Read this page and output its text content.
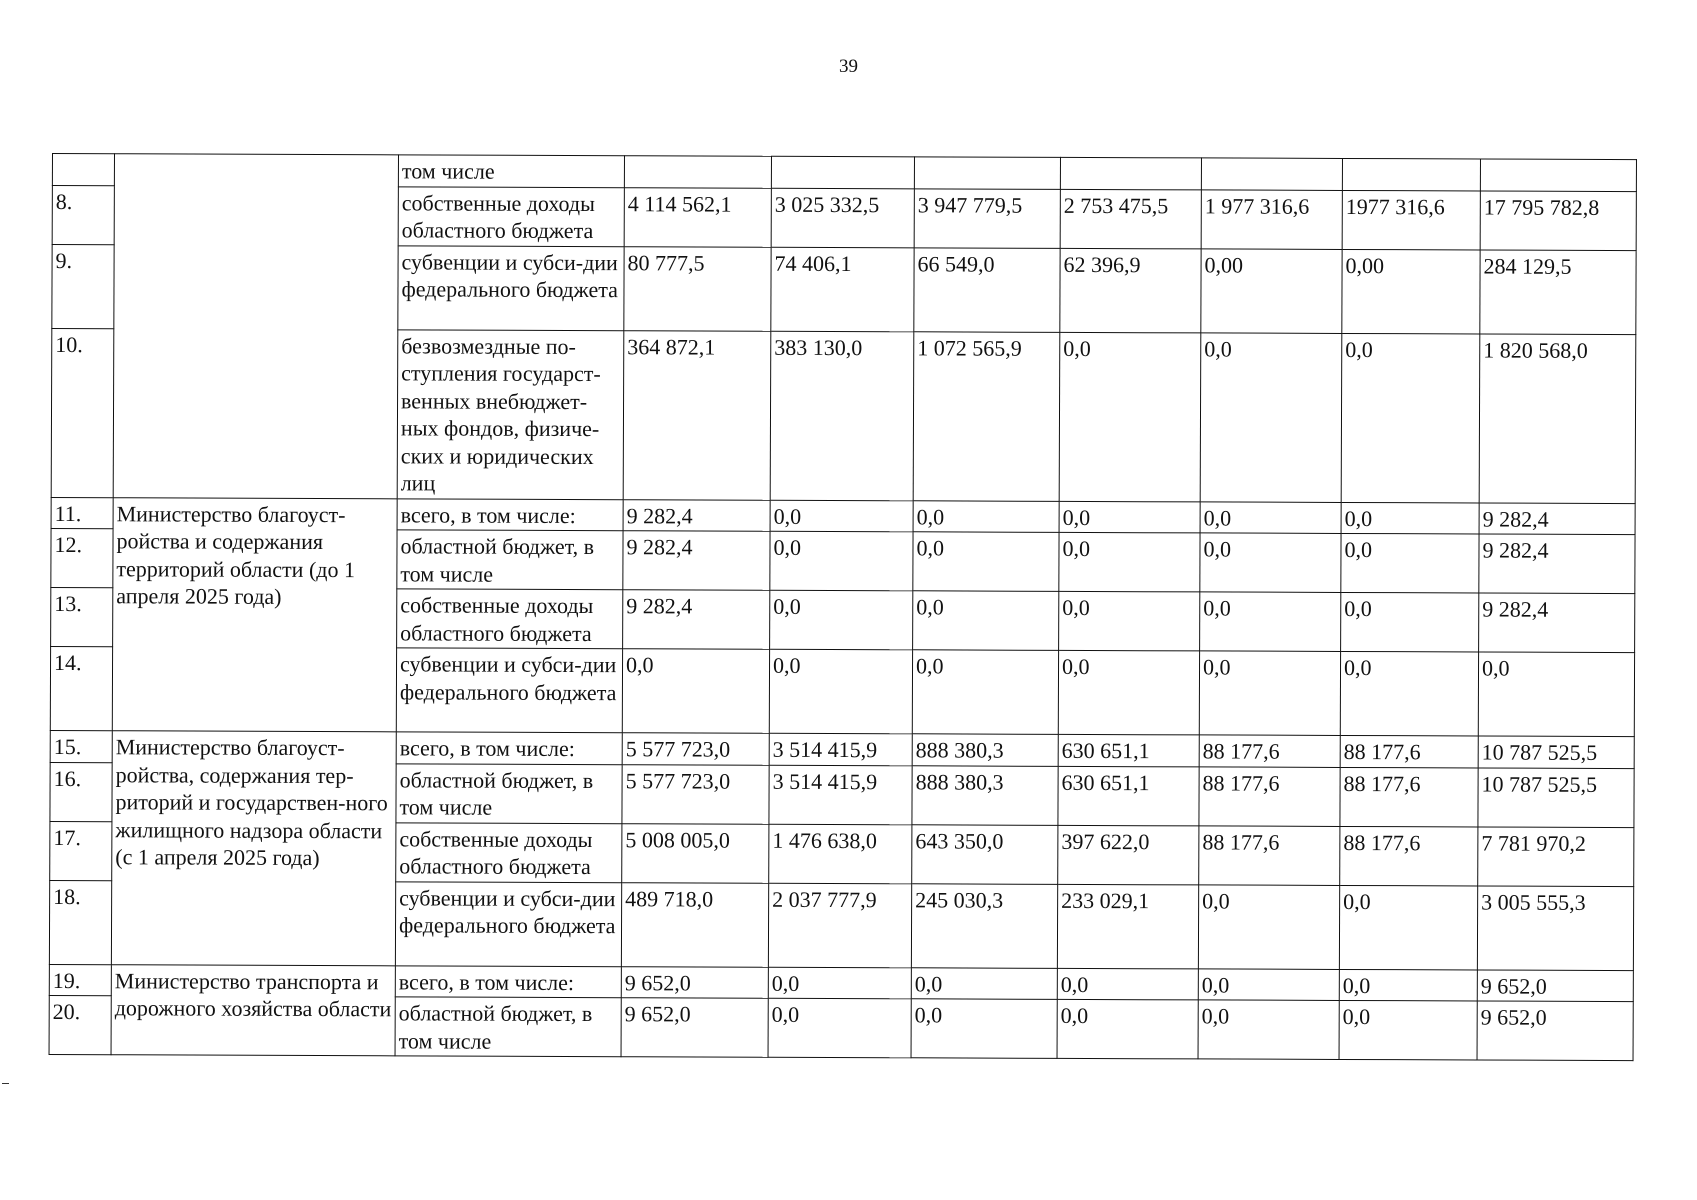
39
		том числе							
8.		собственные доходы областного бюджета	4 114 562,1	3 025 332,5	3 947 779,5	2 753 475,5	1 977 316,6	1977 316,6	17 795 782,8
9.		субвенции и субси-дии федерального бюджета	80 777,5	74 406,1	66 549,0	62 396,9	0,00	0,00	284 129,5
10.		безвозмездные по-ступления государст-венных внебюджет-ных фондов, физиче-ских и юридических лиц	364 872,1	383 130,0	1 072 565,9	0,0	0,0	0,0	1 820 568,0
11.	Министерство благоуст-ройства и содержания территорий области (до 1 апреля 2025 года)	всего, в том числе:	9 282,4	0,0	0,0	0,0	0,0	0,0	9 282,4
12.		областной бюджет, в том числе	9 282,4	0,0	0,0	0,0	0,0	0,0	9 282,4
13.		собственные доходы областного бюджета	9 282,4	0,0	0,0	0,0	0,0	0,0	9 282,4
14.		субвенции и субси-дии федерального бюджета	0,0	0,0	0,0	0,0	0,0	0,0	0,0
15.	Министерство благоуст-ройства, содержания тер-риторий и государствен-ного жилищного надзора области (с 1 апреля 2025 года)	всего, в том числе:	5 577 723,0	3 514 415,9	888 380,3	630 651,1	88 177,6	88 177,6	10 787 525,5
16.		областной бюджет, в том числе	5 577 723,0	3 514 415,9	888 380,3	630 651,1	88 177,6	88 177,6	10 787 525,5
17.		собственные доходы областного бюджета	5 008 005,0	1 476 638,0	643 350,0	397 622,0	88 177,6	88 177,6	7 781 970,2
18.		субвенции и субси-дии федерального бюджета	489 718,0	2 037 777,9	245 030,3	233 029,1	0,0	0,0	3 005 555,3
19.	Министерство транспорта и дорожного хозяйства области	всего, в том числе:	9 652,0	0,0	0,0	0,0	0,0	0,0	9 652,0
20.		областной бюджет, в том числе	9 652,0	0,0	0,0	0,0	0,0	0,0	9 652,0
